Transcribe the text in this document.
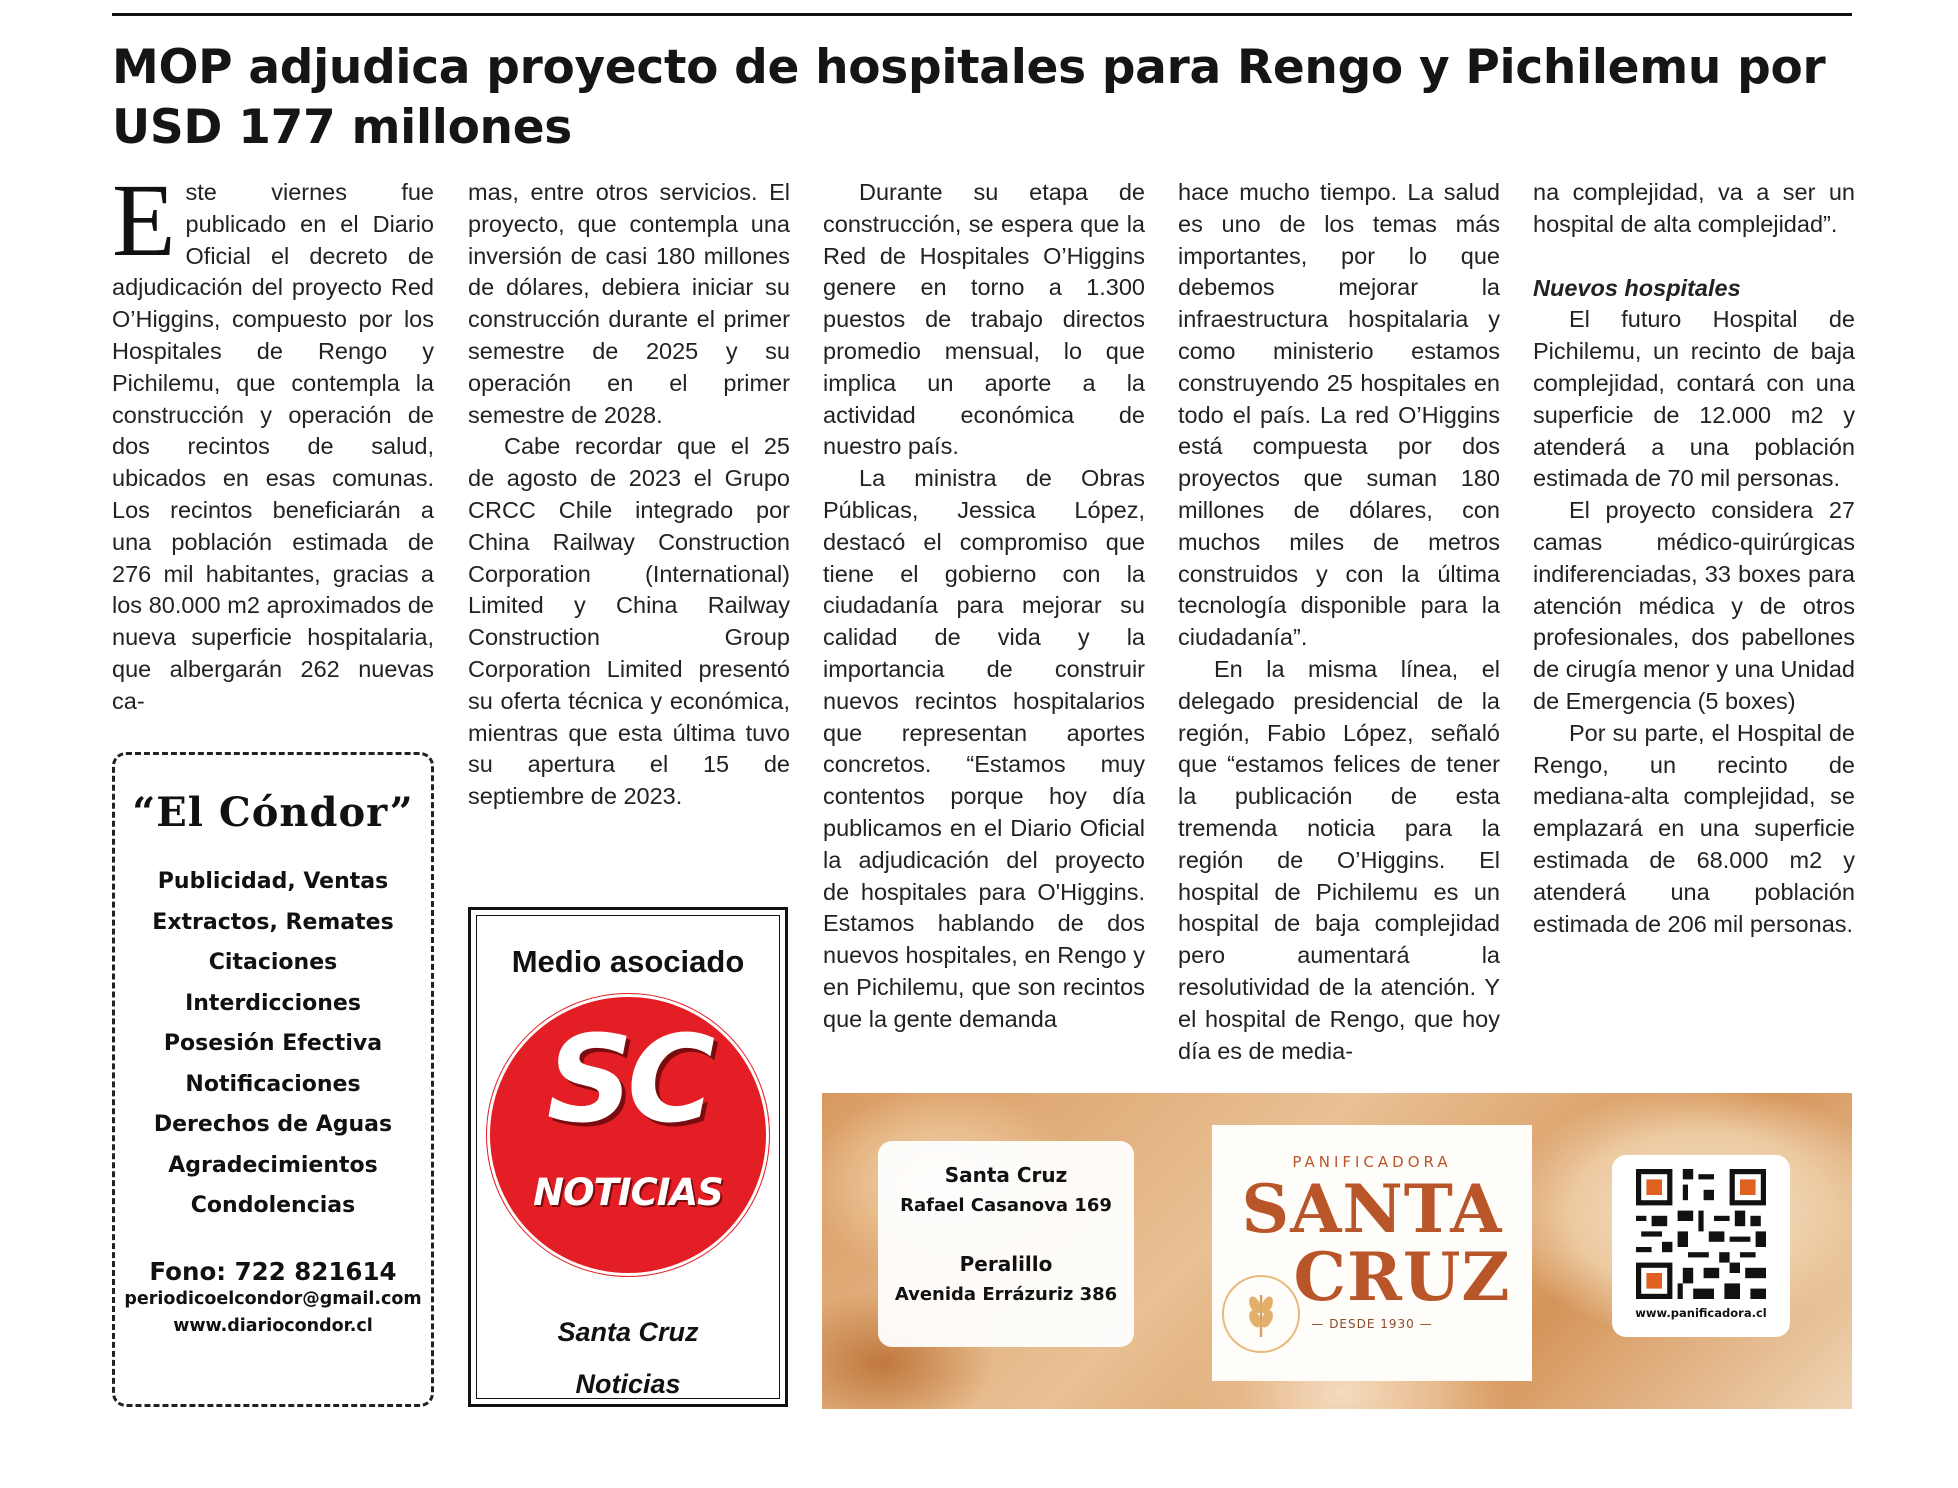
MOP adjudica proyecto de hospitales para Rengo y Pichilemu por USD 177 millones
E ste viernes fue publicado en el Diario Oficial el decreto de adjudicación del proyecto Red O’Higgins, compuesto por los Hospitales de Rengo y Pichilemu, que contempla la construcción y operación de dos recintos de salud, ubicados en esas comunas. Los recintos beneficiarán a una población estimada de 276 mil habitantes, gracias a los 80.000 m2 aproximados de nueva superficie hospitalaria, que albergarán 262 nuevas ca-

mas, entre otros servicios. El proyecto, que contempla una inversión de casi 180 millones de dólares, debiera iniciar su construcción durante el primer semestre de 2025 y su operación en el primer semestre de 2028.

Cabe recordar que el 25 de agosto de 2023 el Grupo CRCC Chile integrado por China Railway Construction Corporation (International) Limited y China Railway Construction Group Corporation Limited presentó su oferta técnica y económica, mientras que esta última tuvo su apertura el 15 de septiembre de 2023.

Durante su etapa de construcción, se espera que la Red de Hospitales O’Higgins genere en torno a 1.300 puestos de trabajo directos promedio mensual, lo que implica un aporte a la actividad económica de nuestro país.

La ministra de Obras Públicas, Jessica López, destacó el compromiso que tiene el gobierno con la ciudadanía para mejorar su calidad de vida y la importancia de construir nuevos recintos hospitalarios que representan aportes concretos. “Estamos muy contentos porque hoy día publicamos en el Diario Oficial la adjudicación del proyecto de hospitales para O'Higgins. Estamos hablando de dos nuevos hospitales, en Rengo y en Pichilemu, que son recintos que la gente demanda

hace mucho tiempo. La salud es uno de los temas más importantes, por lo que debemos mejorar la infraestructura hospitalaria y como ministerio estamos construyendo 25 hospitales en todo el país. La red O’Higgins está compuesta por dos proyectos que suman 180 millones de dólares, con muchos miles de metros construidos y con la última tecnología disponible para la ciudadanía”.

En la misma línea, el delegado presidencial de la región, Fabio López, señaló que “estamos felices de tener la publicación de esta tremenda noticia para la región de O’Higgins. El hospital de Pichilemu es un hospital de baja complejidad pero aumentará la resolutividad de la atención. Y el hospital de Rengo, que hoy día es de media-

na complejidad, va a ser un hospital de alta complejidad”.

Nuevos hospitales

El futuro Hospital de Pichilemu, un recinto de baja complejidad, contará con una superficie de 12.000 m2 y atenderá a una población estimada de 70 mil personas.

El proyecto considera 27 camas médico-quirúrgicas indiferenciadas, 33 boxes para atención médica y de otros profesionales, dos pabellones de cirugía menor y una Unidad de Emergencia (5 boxes)

Por su parte, el Hospital de Rengo, un recinto de mediana-alta complejidad, se emplazará en una superficie estimada de 68.000 m2 y atenderá una población estimada de 206 mil personas.

“El Cóndor”
Publicidad, Ventas
Extractos, Remates
Citaciones
Interdicciones
Posesión Efectiva
Notificaciones
Derechos de Aguas
Agradecimientos
Condolencias
Fono: 722 821614
periodicoelcondor@gmail.com
www.diariocondor.cl
Medio asociado
SC
NOTICIAS
Santa Cruz
Noticias
Santa Cruz
Rafael Casanova 169
Peralillo
Avenida Errázuriz 386
PANIFICADORA
SANTA
CRUZ
— DESDE 1930 —
www.panificadora.cl
